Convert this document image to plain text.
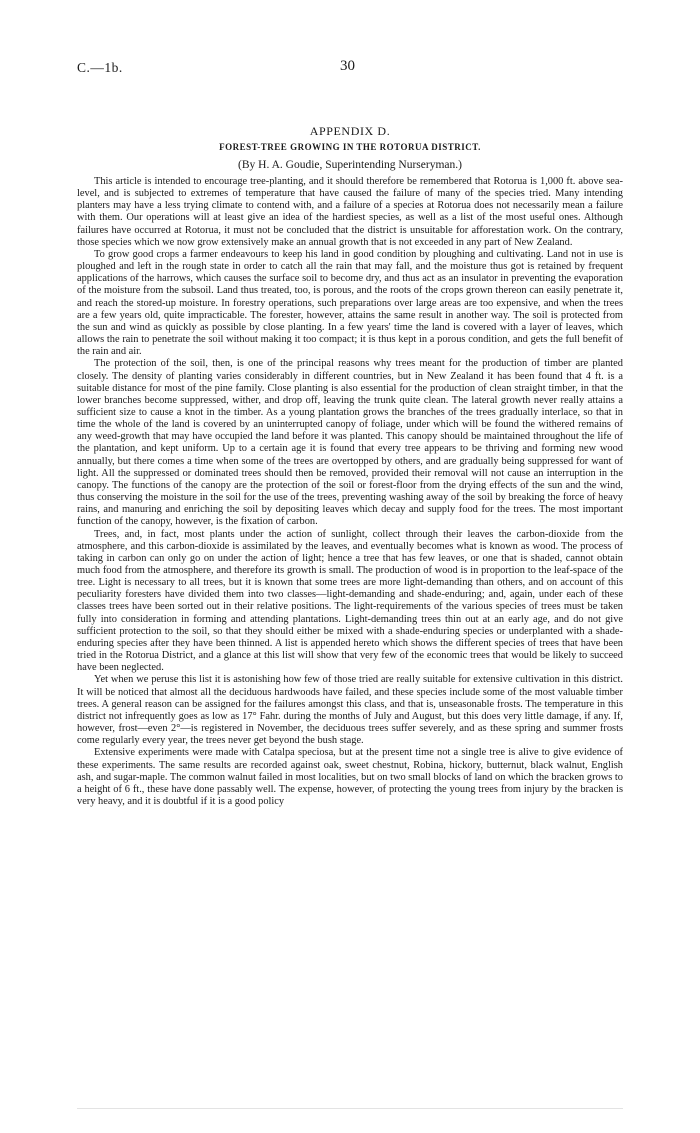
C.—1b.	30
APPENDIX D.
FOREST-TREE GROWING IN THE ROTORUA DISTRICT.
(By H. A. Goudie, Superintending Nurseryman.)

This article is intended to encourage tree-planting, and it should therefore be remembered that Rotorua is 1,000 ft. above sea-level, and is subjected to extremes of temperature that have caused the failure of many of the species tried. Many intending planters may have a less trying climate to contend with, and a failure of a species at Rotorua does not necessarily mean a failure with them. Our operations will at least give an idea of the hardiest species, as well as a list of the most useful ones. Although failures have occurred at Rotorua, it must not be concluded that the district is unsuitable for afforestation work. On the contrary, those species which we now grow extensively make an annual growth that is not exceeded in any part of New Zealand.

To grow good crops a farmer endeavours to keep his land in good condition by ploughing and cultivating. Land not in use is ploughed and left in the rough state in order to catch all the rain that may fall, and the moisture thus got is retained by frequent applications of the harrows, which causes the surface soil to become dry, and thus act as an insulator in preventing the evaporation of the moisture from the subsoil. Land thus treated, too, is porous, and the roots of the crops grown thereon can easily penetrate it, and reach the stored-up moisture. In forestry operations, such preparations over large areas are too expensive, and when the trees are a few years old, quite impracticable. The forester, however, attains the same result in another way. The soil is protected from the sun and wind as quickly as possible by close planting. In a few years' time the land is covered with a layer of leaves, which allows the rain to penetrate the soil without making it too compact; it is thus kept in a porous condition, and gets the full benefit of the rain and air.

The protection of the soil, then, is one of the principal reasons why trees meant for the production of timber are planted closely. The density of planting varies considerably in different countries, but in New Zealand it has been found that 4 ft. is a suitable distance for most of the pine family. Close planting is also essential for the production of clean straight timber, in that the lower branches become suppressed, wither, and drop off, leaving the trunk quite clean. The lateral growth never really attains a sufficient size to cause a knot in the timber. As a young plantation grows the branches of the trees gradually interlace, so that in time the whole of the land is covered by an uninterrupted canopy of foliage, under which will be found the withered remains of any weed-growth that may have occupied the land before it was planted. This canopy should be maintained throughout the life of the plantation, and kept uniform. Up to a certain age it is found that every tree appears to be thriving and forming new wood annually, but there comes a time when some of the trees are overtopped by others, and are gradually being suppressed for want of light. All the suppressed or dominated trees should then be removed, provided their removal will not cause an interruption in the canopy. The functions of the canopy are the protection of the soil or forest-floor from the drying effects of the sun and the wind, thus conserving the moisture in the soil for the use of the trees, preventing washing away of the soil by breaking the force of heavy rains, and manuring and enriching the soil by depositing leaves which decay and supply food for the trees. The most important function of the canopy, however, is the fixation of carbon.

Trees, and, in fact, most plants under the action of sunlight, collect through their leaves the carbon-dioxide from the atmosphere, and this carbon-dioxide is assimilated by the leaves, and eventually becomes what is known as wood. The process of taking in carbon can only go on under the action of light; hence a tree that has few leaves, or one that is shaded, cannot obtain much food from the atmosphere, and therefore its growth is small. The production of wood is in proportion to the leaf-space of the tree. Light is necessary to all trees, but it is known that some trees are more light-demanding than others, and on account of this peculiarity foresters have divided them into two classes—light-demanding and shade-enduring; and, again, under each of these classes trees have been sorted out in their relative positions. The light-requirements of the various species of trees must be taken fully into consideration in forming and attending plantations. Light-demanding trees thin out at an early age, and do not give sufficient protection to the soil, so that they should either be mixed with a shade-enduring species or underplanted with a shade-enduring species after they have been thinned. A list is appended hereto which shows the different species of trees that have been tried in the Rotorua District, and a glance at this list will show that very few of the economic trees that would be likely to succeed have been neglected.

Yet when we peruse this list it is astonishing how few of those tried are really suitable for extensive cultivation in this district. It will be noticed that almost all the deciduous hardwoods have failed, and these species include some of the most valuable timber trees. A general reason can be assigned for the failures amongst this class, and that is, unseasonable frosts. The temperature in this district not infrequently goes as low as 17° Fahr. during the months of July and August, but this does very little damage, if any. If, however, frost—even 2°—is registered in November, the deciduous trees suffer severely, and as these spring and summer frosts come regularly every year, the trees never get beyond the bush stage.

Extensive experiments were made with Catalpa speciosa, but at the present time not a single tree is alive to give evidence of these experiments. The same results are recorded against oak, sweet chestnut, Robina, hickory, butternut, black walnut, English ash, and sugar-maple. The common walnut failed in most localities, but on two small blocks of land on which the bracken grows to a height of 6 ft., these have done passably well. The expense, however, of protecting the young trees from injury by the bracken is very heavy, and it is doubtful if it is a good policy
